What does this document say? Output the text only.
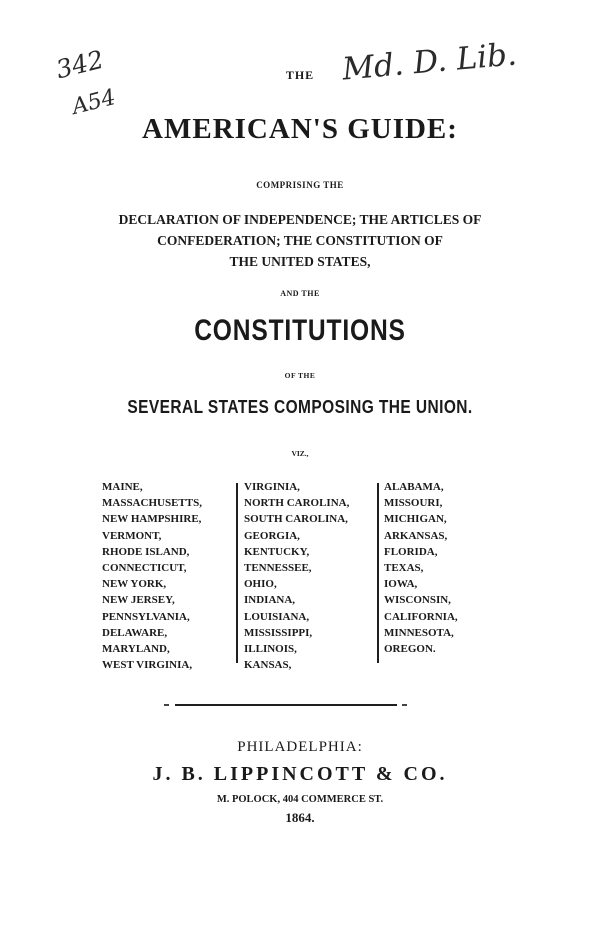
342
A54
Md. D. Lib.
THE
AMERICAN'S GUIDE:
COMPRISING THE
DECLARATION OF INDEPENDENCE; THE ARTICLES OF
CONFEDERATION; THE CONSTITUTION OF
THE UNITED STATES,
AND THE
CONSTITUTIONS
OF THE
SEVERAL STATES COMPOSING THE UNION.
VIZ.,
MAINE,
MASSACHUSETTS,
NEW HAMPSHIRE,
VERMONT,
RHODE ISLAND,
CONNECTICUT,
NEW YORK,
NEW JERSEY,
PENNSYLVANIA,
DELAWARE,
MARYLAND,
WEST VIRGINIA,
VIRGINIA,
NORTH CAROLINA,
SOUTH CAROLINA,
GEORGIA,
KENTUCKY,
TENNESSEE,
OHIO,
INDIANA,
LOUISIANA,
MISSISSIPPI,
ILLINOIS,
KANSAS,
ALABAMA,
MISSOURI,
MICHIGAN,
ARKANSAS,
FLORIDA,
TEXAS,
IOWA,
WISCONSIN,
CALIFORNIA,
MINNESOTA,
OREGON.
PHILADELPHIA:
J. B. LIPPINCOTT & CO.
M. POLOCK, 404 COMMERCE ST.
1864.
